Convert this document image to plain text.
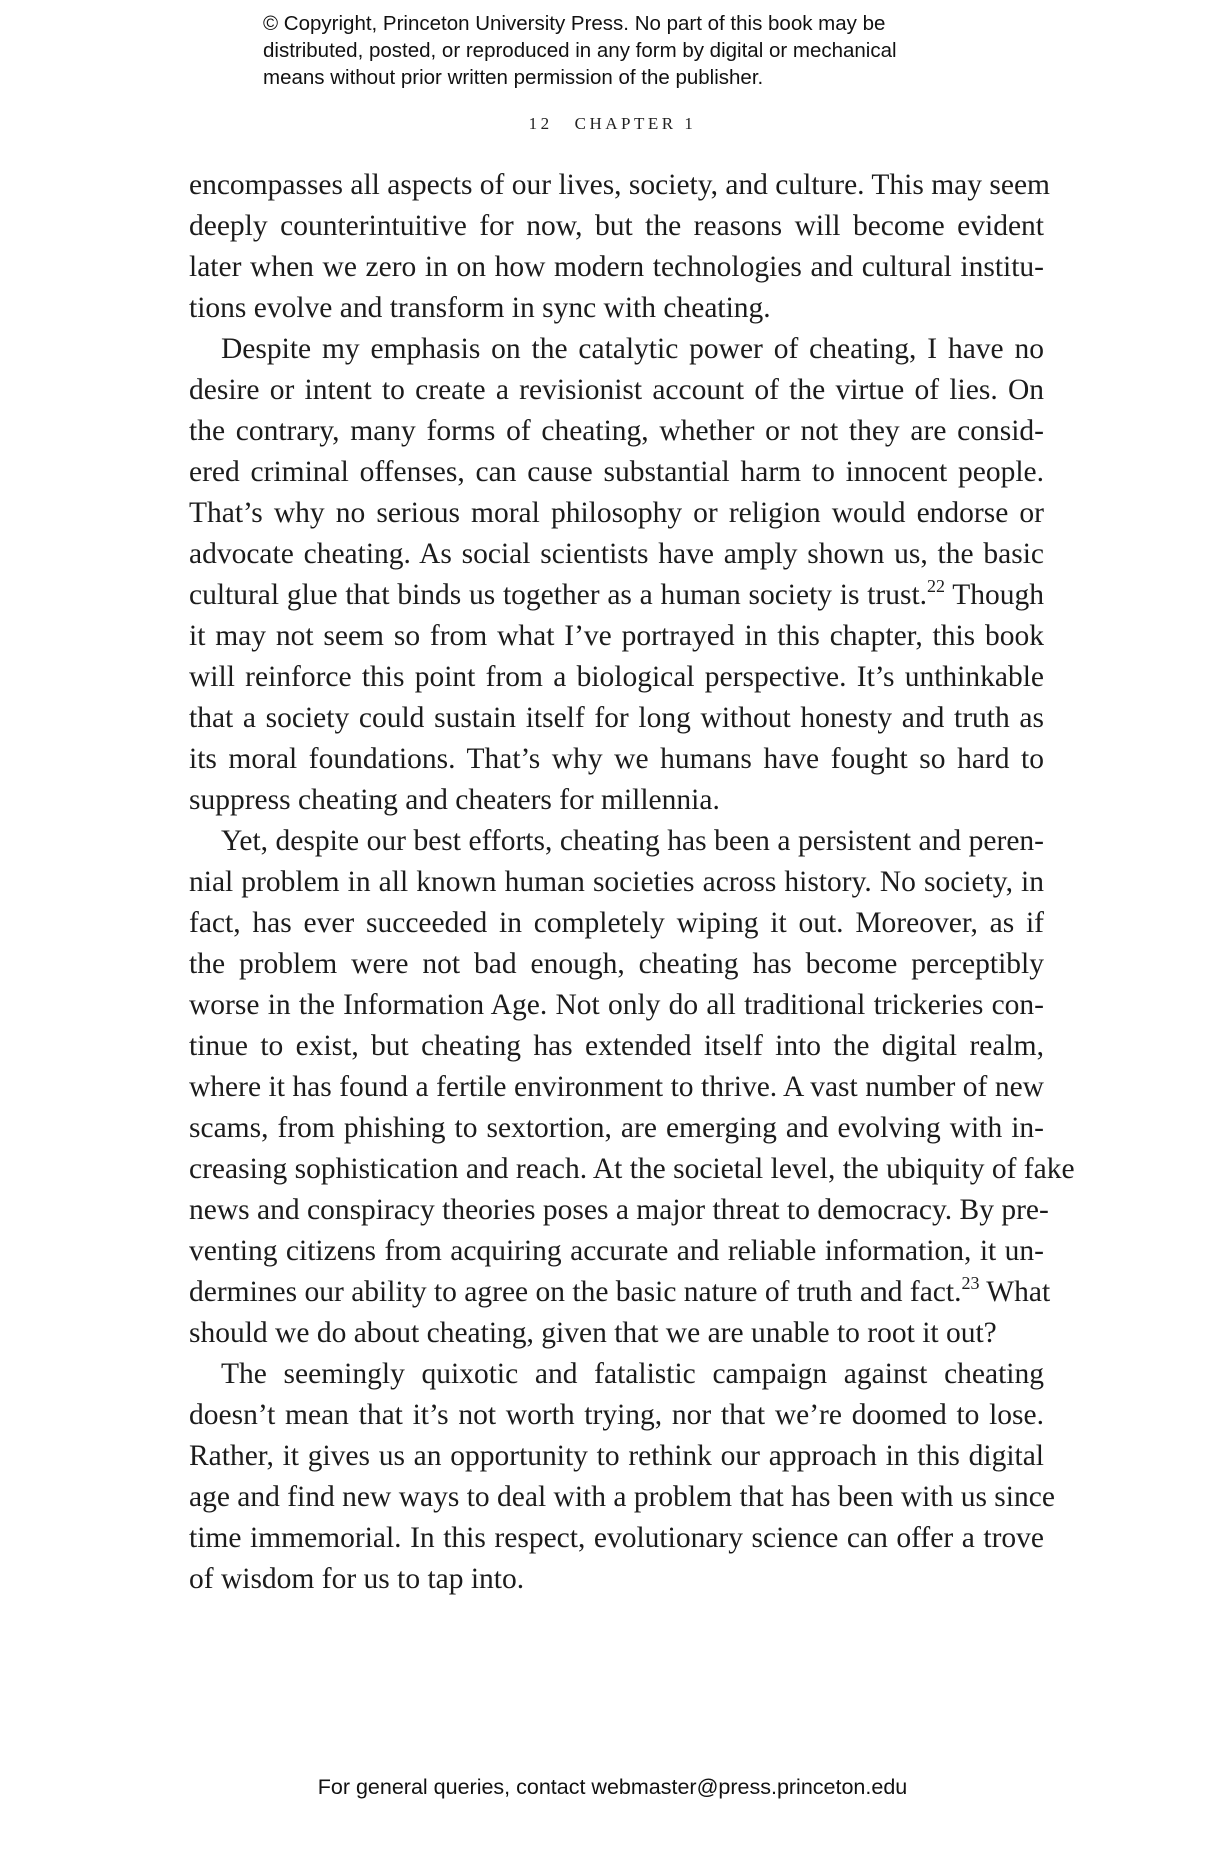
© Copyright, Princeton University Press. No part of this book may be
distributed, posted, or reproduced in any form by digital or mechanical
means without prior written permission of the publisher.
12 CHAPTER 1
encompasses all aspects of our lives, society, and culture. This may seem
deeply counterintuitive for now, but the reasons will become evident
later when we zero in on how modern technologies and cultural institu-
tions evolve and transform in sync with cheating.
Despite my emphasis on the catalytic power of cheating, I have no
desire or intent to create a revisionist account of the virtue of lies. On
the contrary, many forms of cheating, whether or not they are consid-
ered criminal offenses, can cause substantial harm to innocent people.
That’s why no serious moral philosophy or religion would endorse or
advocate cheating. As social scientists have amply shown us, the basic
cultural glue that binds us together as a human society is trust.$^{22}$ Though
it may not seem so from what I’ve portrayed in this chapter, this book
will reinforce this point from a biological perspective. It’s unthinkable
that a society could sustain itself for long without honesty and truth as
its moral foundations. That’s why we humans have fought so hard to
suppress cheating and cheaters for millennia.
Yet, despite our best efforts, cheating has been a persistent and peren-
nial problem in all known human societies across history. No society, in
fact, has ever succeeded in completely wiping it out. Moreover, as if
the problem were not bad enough, cheating has become perceptibly
worse in the Information Age. Not only do all traditional trickeries con-
tinue to exist, but cheating has extended itself into the digital realm,
where it has found a fertile environment to thrive. A vast number of new
scams, from phishing to sextortion, are emerging and evolving with in-
creasing sophistication and reach. At the societal level, the ubiquity of fake
news and conspiracy theories poses a major threat to democracy. By pre-
venting citizens from acquiring accurate and reliable information, it un-
dermines our ability to agree on the basic nature of truth and fact.$^{23}$ What
should we do about cheating, given that we are unable to root it out?
The seemingly quixotic and fatalistic campaign against cheating
doesn’t mean that it’s not worth trying, nor that we’re doomed to lose.
Rather, it gives us an opportunity to rethink our approach in this digital
age and find new ways to deal with a problem that has been with us since
time immemorial. In this respect, evolutionary science can offer a trove
of wisdom for us to tap into.
For general queries, contact webmaster@press.princeton.edu
